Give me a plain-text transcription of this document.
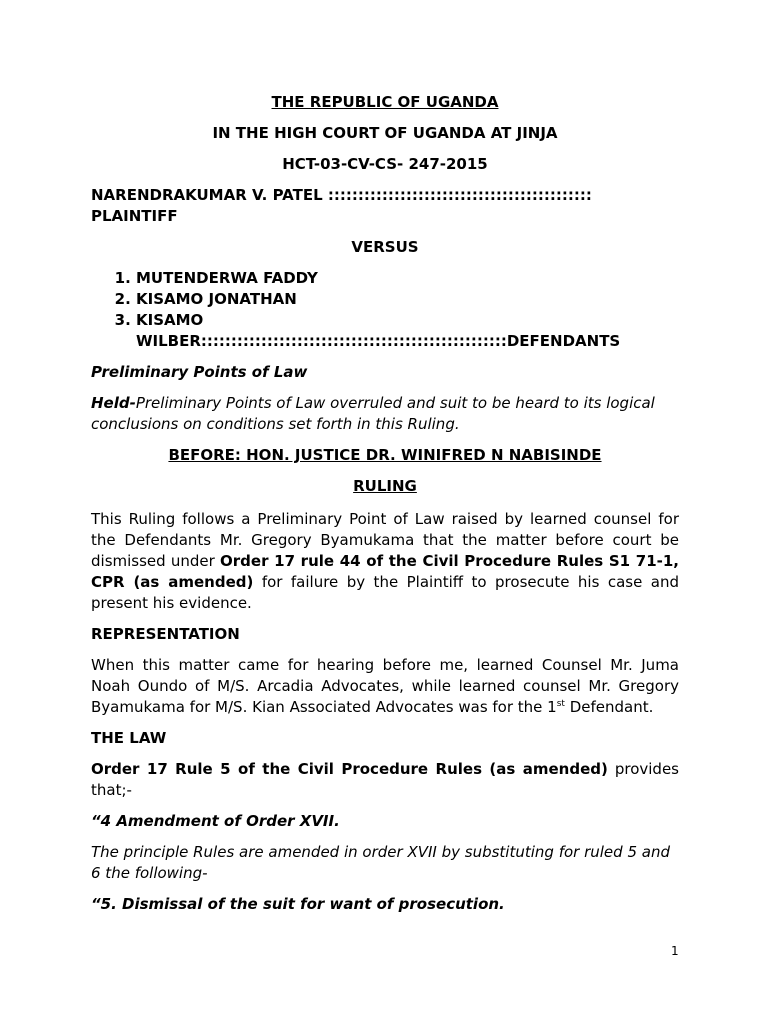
THE REPUBLIC OF UGANDA
IN THE HIGH COURT OF UGANDA AT JINJA
HCT-03-CV-CS- 247-2015
NARENDRAKUMAR V. PATEL ::::::::::::::::::::::::::::::::::::::::::::
PLAINTIFF
VERSUS
1. MUTENDERWA FADDY
2. KISAMO JONATHAN
3. KISAMO
WILBER:::::::::::::::::::::::::::::::::::::::::::::::::::DEFENDANTS
Preliminary Points of Law
Held-Preliminary Points of Law overruled and suit to be heard to its logical conclusions on conditions set forth in this Ruling.
BEFORE: HON. JUSTICE DR. WINIFRED N NABISINDE
RULING
This Ruling follows a Preliminary Point of Law raised by learned counsel for the Defendants Mr. Gregory Byamukama that the matter before court be dismissed under Order 17 rule 44 of the Civil Procedure Rules S1 71-1, CPR (as amended) for failure by the Plaintiff to prosecute his case and present his evidence.
REPRESENTATION
When this matter came for hearing before me, learned Counsel Mr. Juma Noah Oundo of M/S. Arcadia Advocates, while learned counsel Mr. Gregory Byamukama for M/S. Kian Associated Advocates was for the 1st Defendant.
THE LAW
Order 17 Rule 5 of the Civil Procedure Rules (as amended) provides that;-
“4 Amendment of Order XVII.
The principle Rules are amended in order XVII by substituting for ruled 5 and 6 the following-
“5. Dismissal of the suit for want of prosecution.
1
